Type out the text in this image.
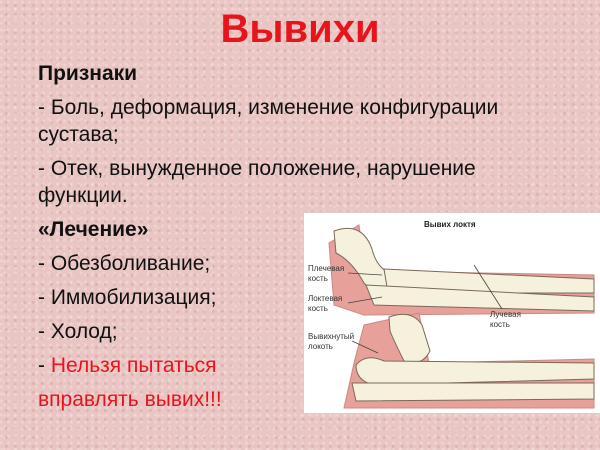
Вывихи
Признаки
- Боль, деформация, изменение конфигурации
сустава;
- Отек, вынужденное положение, нарушение
функции.
«Лечение»
- Обезболивание;
- Иммобилизация;
- Холод;
- Нельзя пытаться
вправлять вывих!!!
Вывих локтя
Плечевая
кость
Локтевая
кость
Лучевая
кость
Вывихнутый
локоть
